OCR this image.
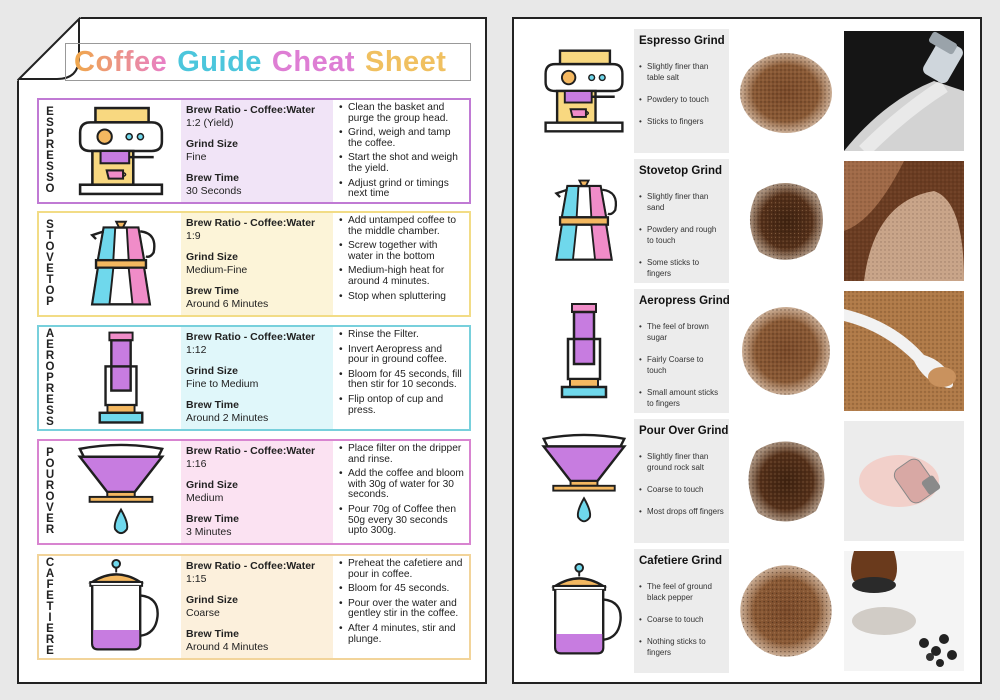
Coffee Guide Cheat Sheet
E
S
P
R
E
S
S
O
Brew Ratio - Coffee:Water
1:2 (Yield)
Grind Size
Fine
Brew Time
30 Seconds
• Clean the basket and purge the group head.
• Grind, weigh and tamp the coffee.
• Start the shot and weigh the yield.
• Adjust grind or timings next time
S
T
O
V
E
T
O
P
Brew Ratio - Coffee:Water
1:9
Grind Size
Medium-Fine
Brew Time
Around 6 Minutes
• Add untamped coffee to the middle chamber.
• Screw together with water in the bottom
• Medium-high heat for around 4 minutes.
• Stop when spluttering
A
E
R
O
P
R
E
S
S
Brew Ratio - Coffee:Water
1:12
Grind Size
Fine to Medium
Brew Time
Around 2 Minutes
• Rinse the Filter.
• Invert Aeropress and pour in ground coffee.
• Bloom for 45 seconds, fill then stir for 10 seconds.
• Flip ontop of cup and press.
P
O
U
R
O
V
E
R
Brew Ratio - Coffee:Water
1:16
Grind Size
Medium
Brew Time
3 Minutes
• Place filter on the dripper and rinse.
• Add the coffee and bloom with 30g of water for 30 seconds.
• Pour 70g of Coffee then 50g every 30 seconds upto 300g.
C
A
F
E
T
I
E
R
E
Brew Ratio - Coffee:Water
1:15
Grind Size
Coarse
Brew Time
Around 4 Minutes
• Preheat the cafetiere and pour in coffee.
• Bloom for 45 seconds.
• Pour over the water and gentley stir in the coffee.
• After 4 minutes, stir and plunge.
Espresso Grind
• Slightly finer than table salt
• Powdery to touch
• Sticks to fingers
Stovetop Grind
• Slightly finer than sand
• Powdery and rough to touch
• Some sticks to fingers
Aeropress Grind
• The feel of brown sugar
• Fairly Coarse to touch
• Small amount sticks to fingers
Pour Over Grind
• Slightly finer than ground rock salt
• Coarse to touch
• Most drops off fingers
Cafetiere Grind
• The feel of ground black pepper
• Coarse to touch
• Nothing sticks to fingers
